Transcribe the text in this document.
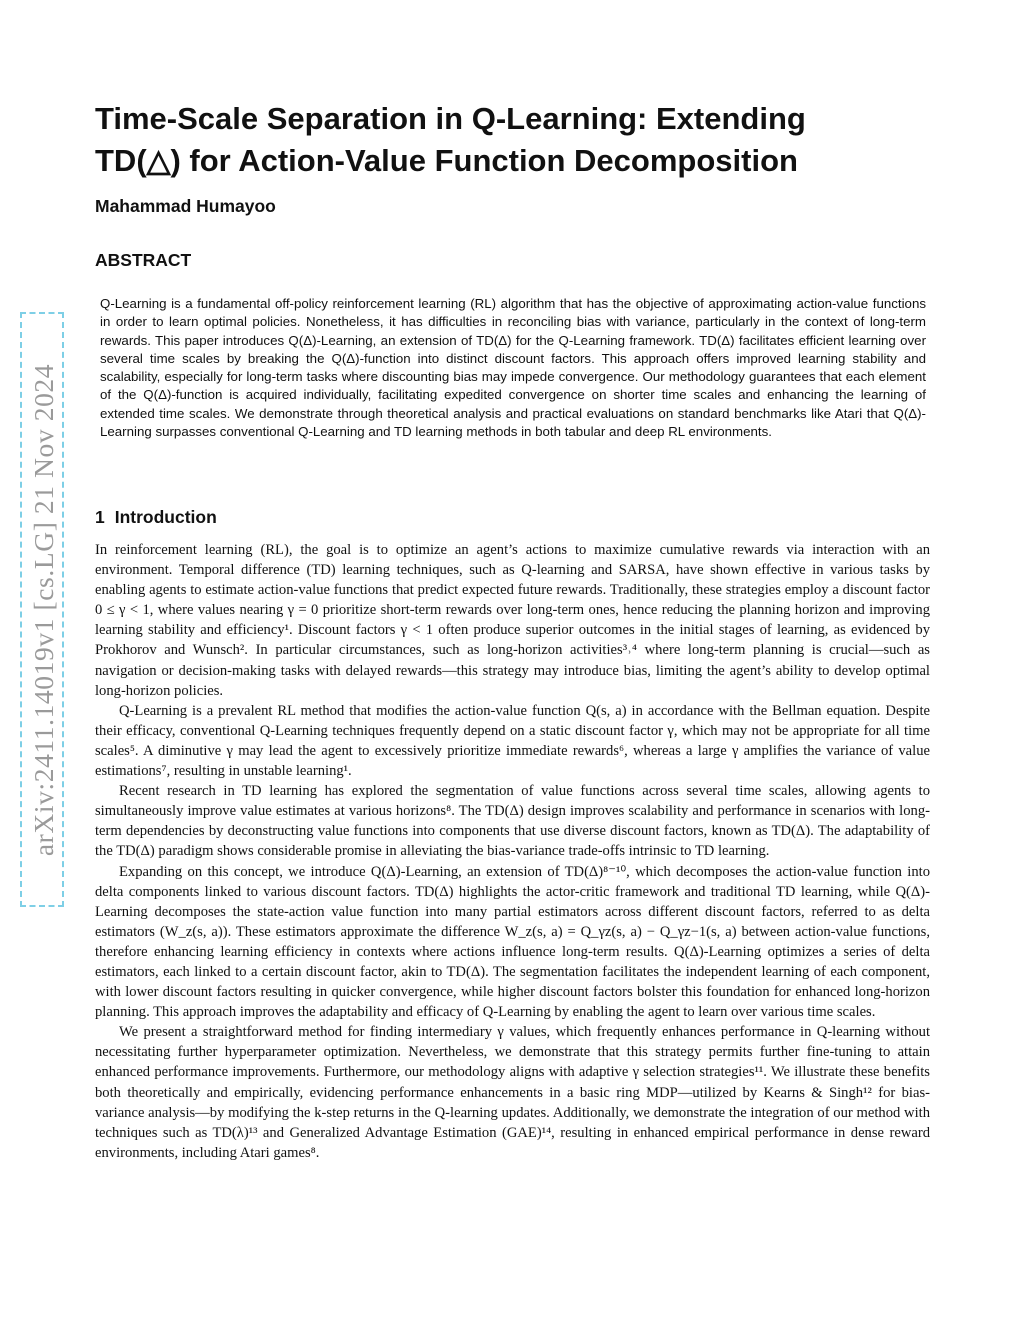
arXiv:2411.14019v1 [cs.LG] 21 Nov 2024
Time-Scale Separation in Q-Learning: Extending
TD(△) for Action-Value Function Decomposition
Mahammad Humayoo
ABSTRACT

Q-Learning is a fundamental off-policy reinforcement learning (RL) algorithm that has the objective of approximating action-value functions in order to learn optimal policies. Nonetheless, it has difficulties in reconciling bias with variance, particularly in the context of long-term rewards. This paper introduces Q(Δ)-Learning, an extension of TD(Δ) for the Q-Learning framework. TD(Δ) facilitates efficient learning over several time scales by breaking the Q(Δ)-function into distinct discount factors. This approach offers improved learning stability and scalability, especially for long-term tasks where discounting bias may impede convergence. Our methodology guarantees that each element of the Q(Δ)-function is acquired individually, facilitating expedited convergence on shorter time scales and enhancing the learning of extended time scales. We demonstrate through theoretical analysis and practical evaluations on standard benchmarks like Atari that Q(Δ)-Learning surpasses conventional Q-Learning and TD learning methods in both tabular and deep RL environments.

1 Introduction

In reinforcement learning (RL), the goal is to optimize an agent’s actions to maximize cumulative rewards via interaction with an environment. Temporal difference (TD) learning techniques, such as Q-learning and SARSA, have shown effective in various tasks by enabling agents to estimate action-value functions that predict expected future rewards. Traditionally, these strategies employ a discount factor 0 ≤ γ < 1, where values nearing γ = 0 prioritize short-term rewards over long-term ones, hence reducing the planning horizon and improving learning stability and efficiency¹. Discount factors γ < 1 often produce superior outcomes in the initial stages of learning, as evidenced by Prokhorov and Wunsch². In particular circumstances, such as long-horizon activities³˒⁴ where long-term planning is crucial—such as navigation or decision-making tasks with delayed rewards—this strategy may introduce bias, limiting the agent’s ability to develop optimal long-horizon policies.

Q-Learning is a prevalent RL method that modifies the action-value function Q(s, a) in accordance with the Bellman equation. Despite their efficacy, conventional Q-Learning techniques frequently depend on a static discount factor γ, which may not be appropriate for all time scales⁵. A diminutive γ may lead the agent to excessively prioritize immediate rewards⁶, whereas a large γ amplifies the variance of value estimations⁷, resulting in unstable learning¹.

Recent research in TD learning has explored the segmentation of value functions across several time scales, allowing agents to simultaneously improve value estimates at various horizons⁸. The TD(Δ) design improves scalability and performance in scenarios with long-term dependencies by deconstructing value functions into components that use diverse discount factors, known as TD(Δ). The adaptability of the TD(Δ) paradigm shows considerable promise in alleviating the bias-variance trade-offs intrinsic to TD learning.

Expanding on this concept, we introduce Q(Δ)-Learning, an extension of TD(Δ)⁸⁻¹⁰, which decomposes the action-value function into delta components linked to various discount factors. TD(Δ) highlights the actor-critic framework and traditional TD learning, while Q(Δ)-Learning decomposes the state-action value function into many partial estimators across different discount factors, referred to as delta estimators (W_z(s, a)). These estimators approximate the difference W_z(s, a) = Q_γz(s, a) − Q_γz−1(s, a) between action-value functions, therefore enhancing learning efficiency in contexts where actions influence long-term results. Q(Δ)-Learning optimizes a series of delta estimators, each linked to a certain discount factor, akin to TD(Δ). The segmentation facilitates the independent learning of each component, with lower discount factors resulting in quicker convergence, while higher discount factors bolster this foundation for enhanced long-horizon planning. This approach improves the adaptability and efficacy of Q-Learning by enabling the agent to learn over various time scales.

We present a straightforward method for finding intermediary γ values, which frequently enhances performance in Q-learning without necessitating further hyperparameter optimization. Nevertheless, we demonstrate that this strategy permits further fine-tuning to attain enhanced performance improvements. Furthermore, our methodology aligns with adaptive γ selection strategies¹¹. We illustrate these benefits both theoretically and empirically, evidencing performance enhancements in a basic ring MDP—utilized by Kearns & Singh¹² for bias-variance analysis—by modifying the k-step returns in the Q-learning updates. Additionally, we demonstrate the integration of our method with techniques such as TD(λ)¹³ and Generalized Advantage Estimation (GAE)¹⁴, resulting in enhanced empirical performance in dense reward environments, including Atari games⁸.
